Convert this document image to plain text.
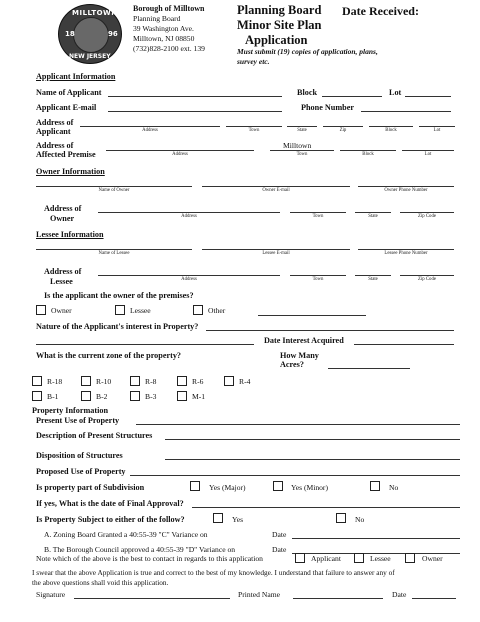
MILLTOWN
18	96
NEW JERSEY
Borough of Milltown
Planning Board
39 Washington Ave.
Milltown, NJ 08850
(732)828-2100 ext. 139
Planning Board
Minor Site Plan
Application
Date Received:
Must submit (19) copies of application, plans,
survey etc.
Applicant Information
Name of Applicant	Block	Lot
Applicant E-mail	Phone Number
Address of
Applicant	Address	Town	State	Zip	Block	Lot
Address of
Affected Premise
Milltown
Address	Town	Block	Lot
Owner Information
Name of Owner	Owner E-mail	Owner Phone Number
Address of
Owner	Address	Town	State	Zip Code
Lessee Information
Name of Lessee	Lessee E-mail	Lessee Phone Number
Address of
Lessee	Address	Town	State	Zip Code
Is the applicant the owner of the premises?
Owner	Lessee	Other
Nature of the Applicant's interest in Property?
Date Interest Acquired
What is the current zone of the property?	How Many
Acres?
R-18	R-10	R-8	R-6	R-4
B-1	B-2	B-3	M-1
Property Information
Present Use of Property
Description of Present Structures
Disposition of Structures
Proposed Use of Property
Is property part of Subdivision	Yes (Major)	Yes (Minor)	No
If yes, What is the date of Final Approval?
Is Property Subject to either of the follow?	Yes	No
A. Zoning Board Granted a 40:55-39 "C" Variance on	Date
B. The Borough Council approved a 40:55-39 "D" Variance on	Date
Note which of the above is the best to contact in regards to this application	Applicant	Lessee	Owner
I swear that the above Application is true and correct to the best of my knowledge. I understand that failure to answer any of
the above questions shall void this application.
Signature	Printed Name	Date
